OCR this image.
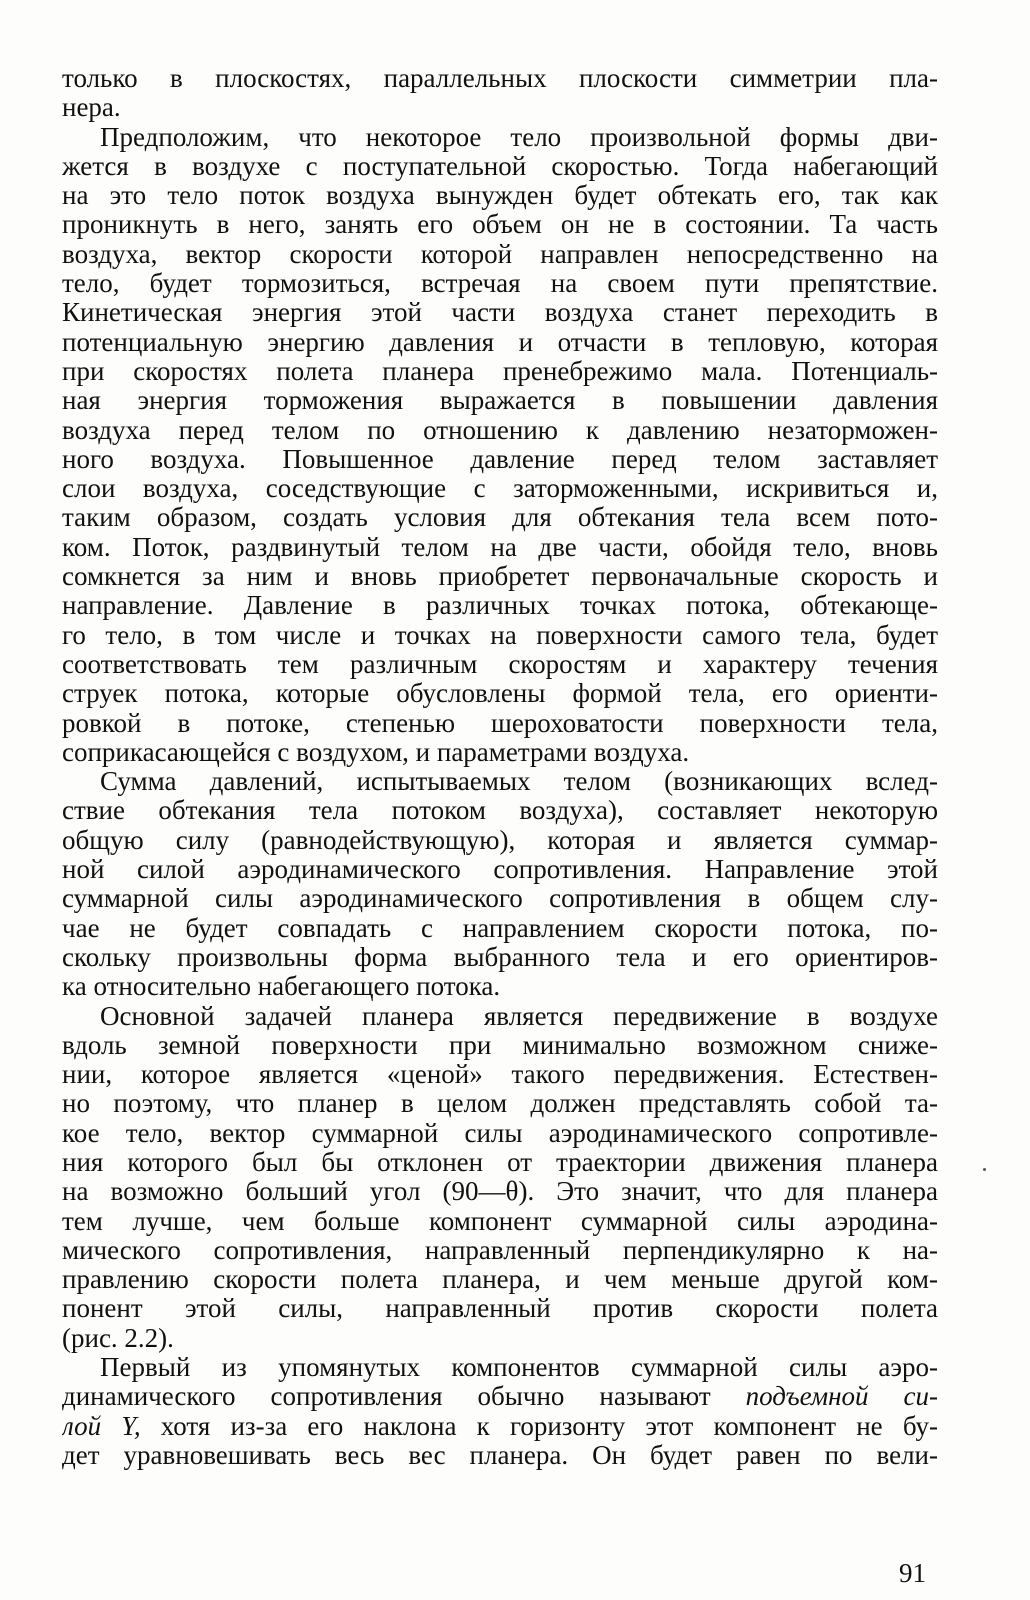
только в плоскостях, параллельных плоскости симметрии пла-
нера.
Предположим, что некоторое тело произвольной формы дви-
жется в воздухе с поступательной скоростью. Тогда набегающий
на это тело поток воздуха вынужден будет обтекать его, так как
проникнуть в него, занять его объем он не в состоянии. Та часть
воздуха, вектор скорости которой направлен непосредственно на
тело, будет тормозиться, встречая на своем пути препятствие.
Кинетическая энергия этой части воздуха станет переходить в
потенциальную энергию давления и отчасти в тепловую, которая
при скоростях полета планера пренебрежимо мала. Потенциаль-
ная энергия торможения выражается в повышении давления
воздуха перед телом по отношению к давлению незаторможен-
ного воздуха. Повышенное давление перед телом заставляет
слои воздуха, соседствующие с заторможенными, искривиться и,
таким образом, создать условия для обтекания тела всем пото-
ком. Поток, раздвинутый телом на две части, обойдя тело, вновь
сомкнется за ним и вновь приобретет первоначальные скорость и
направление. Давление в различных точках потока, обтекающе-
го тело, в том числе и точках на поверхности самого тела, будет
соответствовать тем различным скоростям и характеру течения
струек потока, которые обусловлены формой тела, его ориенти-
ровкой в потоке, степенью шероховатости поверхности тела,
соприкасающейся с воздухом, и параметрами воздуха.
Сумма давлений, испытываемых телом (возникающих вслед-
ствие обтекания тела потоком воздуха), составляет некоторую
общую силу (равнодействующую), которая и является суммар-
ной силой аэродинамического сопротивления. Направление этой
суммарной силы аэродинамического сопротивления в общем слу-
чае не будет совпадать с направлением скорости потока, по-
скольку произвольны форма выбранного тела и его ориентиров-
ка относительно набегающего потока.
Основной задачей планера является передвижение в воздухе
вдоль земной поверхности при минимально возможном сниже-
нии, которое является «ценой» такого передвижения. Естествен-
но поэтому, что планер в целом должен представлять собой та-
кое тело, вектор суммарной силы аэродинамического сопротивле-
ния которого был бы отклонен от траектории движения планера
на возможно больший угол (90—θ). Это значит, что для планера
тем лучше, чем больше компонент суммарной силы аэродина-
мического сопротивления, направленный перпендикулярно к на-
правлению скорости полета планера, и чем меньше другой ком-
понент этой силы, направленный против скорости полета
(рис. 2.2).
Первый из упомянутых компонентов суммарной силы аэро-
динамического сопротивления обычно называют подъемной си-
лой Y, хотя из-за его наклона к горизонту этот компонент не бу-
дет уравновешивать весь вес планера. Он будет равен по вели-
91
